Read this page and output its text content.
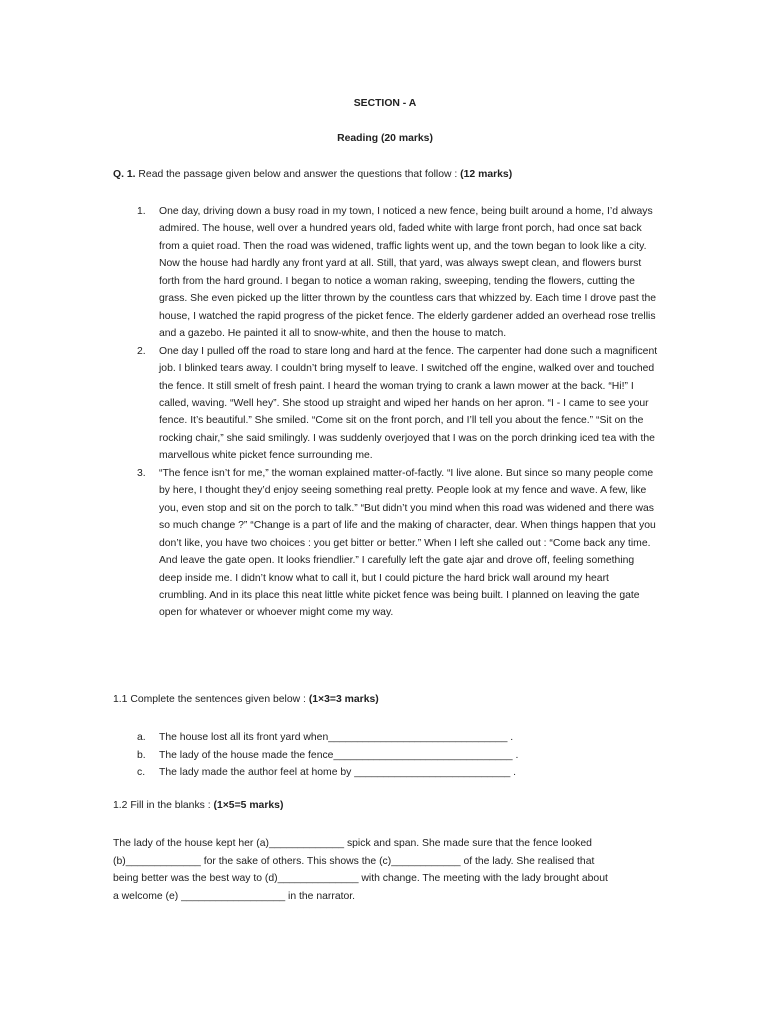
SECTION - A
Reading (20 marks)
Q. 1. Read the passage given below and answer the questions that follow : (12 marks)
1. One day, driving down a busy road in my town, I noticed a new fence, being built around a home, I’d always admired. The house, well over a hundred years old, faded white with large front porch, had once sat back from a quiet road. Then the road was widened, traffic lights went up, and the town began to look like a city. Now the house had hardly any front yard at all. Still, that yard, was always swept clean, and flowers burst forth from the hard ground. I began to notice a woman raking, sweeping, tending the flowers, cutting the grass. She even picked up the litter thrown by the countless cars that whizzed by. Each time I drove past the house, I watched the rapid progress of the picket fence. The elderly gardener added an overhead rose trellis and a gazebo. He painted it all to snow-white, and then the house to match.
2. One day I pulled off the road to stare long and hard at the fence. The carpenter had done such a magnificent job. I blinked tears away. I couldn’t bring myself to leave. I switched off the engine, walked over and touched the fence. It still smelt of fresh paint. I heard the woman trying to crank a lawn mower at the back. “Hi!” I called, waving. “Well hey”. She stood up straight and wiped her hands on her apron. “I - I came to see your fence. It’s beautiful.” She smiled. “Come sit on the front porch, and I’ll tell you about the fence.” “Sit on the rocking chair,” she said smilingly. I was suddenly overjoyed that I was on the porch drinking iced tea with the marvellous white picket fence surrounding me.
3. “The fence isn’t for me,” the woman explained matter-of-factly. “I live alone. But since so many people come by here, I thought they’d enjoy seeing something real pretty. People look at my fence and wave. A few, like you, even stop and sit on the porch to talk.” “But didn’t you mind when this road was widened and there was so much change ?” “Change is a part of life and the making of character, dear. When things happen that you don’t like, you have two choices : you get bitter or better.” When I left she called out : “Come back any time. And leave the gate open. It looks friendlier.” I carefully left the gate ajar and drove off, feeling something deep inside me. I didn’t know what to call it, but I could picture the hard brick wall around my heart crumbling. And in its place this neat little white picket fence was being built. I planned on leaving the gate open for whatever or whoever might come my way.
1.1 Complete the sentences given below : (1×3=3 marks)
a. The house lost all its front yard when_______________________________ .
b. The lady of the house made the fence_______________________________ .
c. The lady made the author feel at home by ___________________________ .
1.2 Fill in the blanks : (1×5=5 marks)
The lady of the house kept her (a)_____________ spick and span. She made sure that the fence looked
(b)_____________ for the sake of others. This shows the (c)____________ of the lady. She realised that
being better was the best way to (d)______________ with change. The meeting with the lady brought about
a welcome (e) __________________ in the narrator.
